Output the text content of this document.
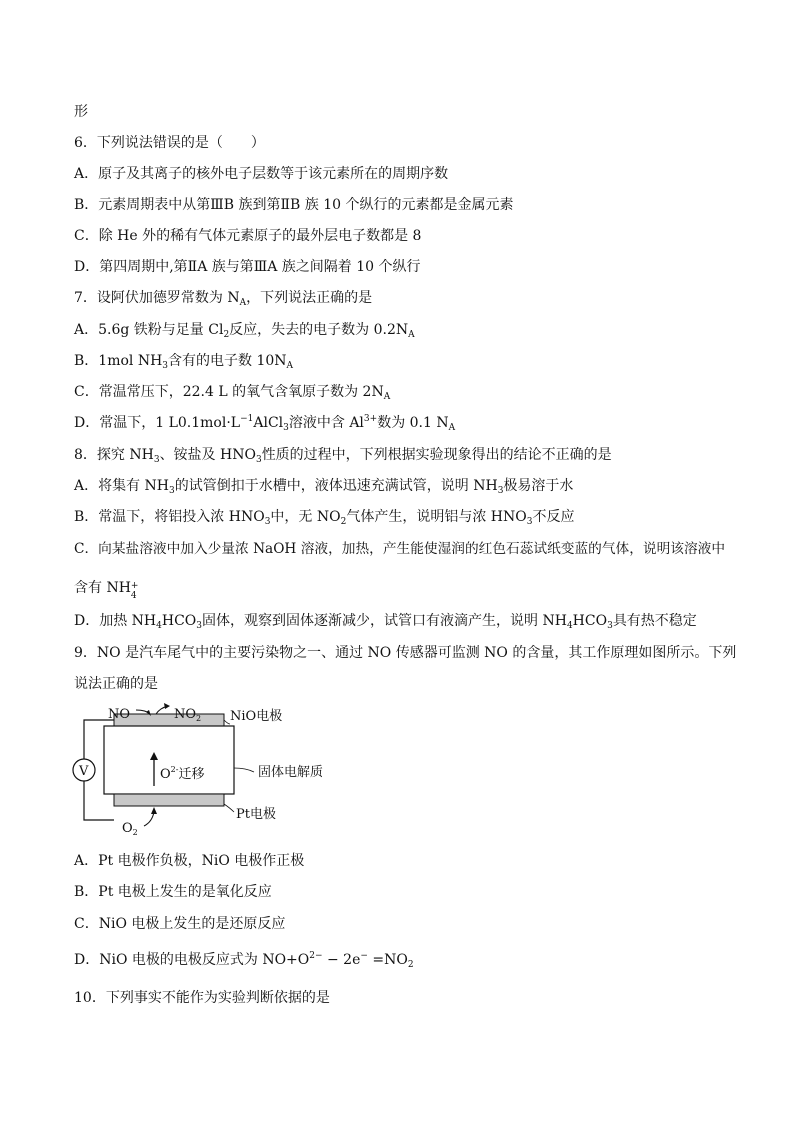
形
6．下列说法错误的是（ ）
A．原子及其离子的核外电子层数等于该元素所在的周期序数
B．元素周期表中从第ⅢB 族到第ⅡB 族 10 个纵行的元素都是金属元素
C．除 He 外的稀有气体元素原子的最外层电子数都是 8
D．第四周期中,第ⅡA 族与第ⅢA 族之间隔着 10 个纵行
7．设阿伏加德罗常数为 $N_A$，下列说法正确的是
A．5.6g 铁粉与足量 $Cl_2$反应，失去的电子数为 $0.2N_A$
B．1mol $NH_3$含有的电子数 $10N_A$
C．常温常压下，22.4 L 的氧气含氧原子数为 $2N_A$
D．常温下，1 $L0.1mol\cdot L^{-1}AlCl_3$溶液中含 $Al^{3+}$数为 0.1 $N_A$
8．探究 $NH_3$、铵盐及 $HNO_3$性质的过程中，下列根据实验现象得出的结论不正确的是
A．将集有 $NH_3$的试管倒扣于水槽中，液体迅速充满试管，说明 $NH_3$极易溶于水
B．常温下，将铝投入浓 $HNO_3$中，无 $NO_2$气体产生，说明铝与浓 $HNO_3$不反应
C．向某盐溶液中加入少量浓 NaOH 溶液，加热，产生能使湿润的红色石蕊试纸变蓝的气体，说明该溶液中
含有 NH +
4
D．加热 $NH_4HCO_3$固体，观察到固体逐渐减少，试管口有液滴产生，说明 $NH_4HCO_3$具有热不稳定
9．NO 是汽车尾气中的主要污染物之一、通过 NO 传感器可监测 NO 的含量，其工作原理如图所示。下列
说法正确的是
V	$O^{2-}$迁移
NO	$NO_2$ NiO电极
固体电解质
Pt电极
$O_2$
A．Pt 电极作负极，NiO 电极作正极
B．Pt 电极上发生的是氧化反应
C．NiO 电极上发生的是还原反应
D．NiO 电极的电极反应式为 $NO+O^{2-} - 2e^- =NO_2$
10．下列事实不能作为实验判断依据的是
